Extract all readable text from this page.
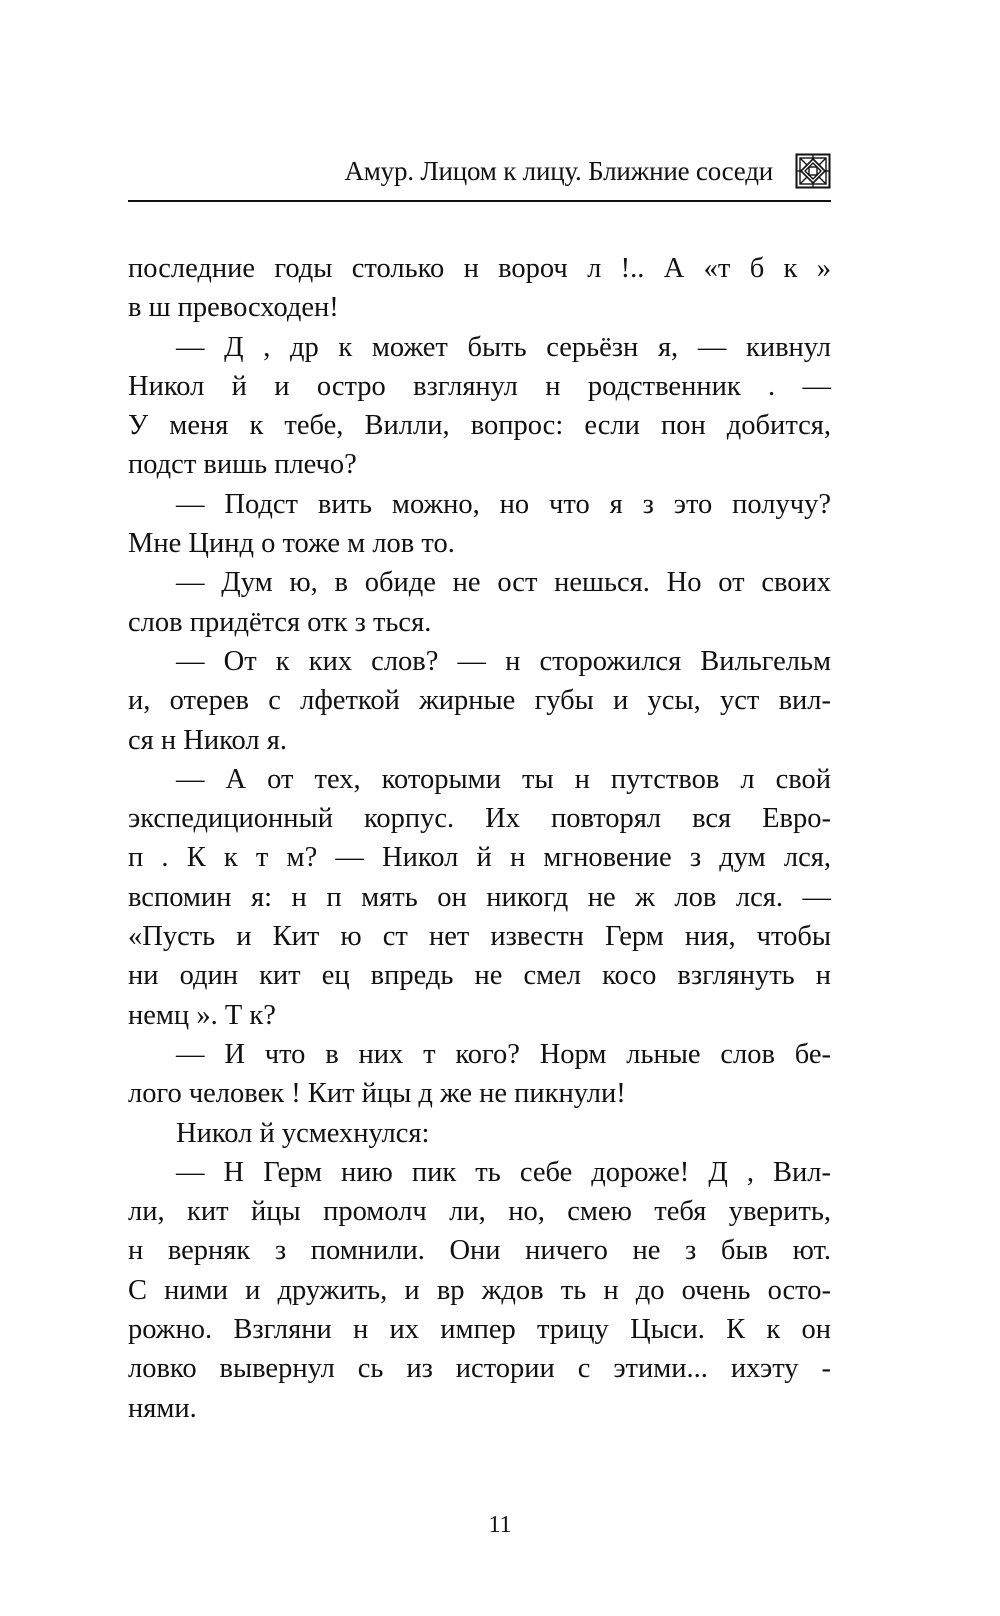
Амур. Лицом к лицу. Ближние соседи
последние годы столько н вороч л !.. А «т б к »
в ш превосходен!
— Д , др к может быть серьёзн я, — кивнул
Никол й и остро взглянул н родственник . —
У меня к тебе, Вилли, вопрос: если пон добится,
подст вишь плечо?
— Подст вить можно, но что я з это получу?
Мне Цинд о тоже м лов то.
— Дум ю, в обиде не ост нешься. Но от своих
слов придётся отк з ться.
— От к ких слов? — н сторожился Вильгельм
и, отерев с лфеткой жирные губы и усы, уст вил-
ся н Никол я.
— А от тех, которыми ты н путствов л свой
экспедиционный корпус. Их повторял вся Евро-
п . К к т м? — Никол й н мгновение з дум лся,
вспомин я: н п мять он никогд не ж лов лся. —
«Пусть и Кит ю ст нет известн Герм ния, чтобы
ни один кит ец впредь не смел косо взглянуть н
немц ». Т к?
— И что в них т кого? Норм льные слов бе-
лого человек ! Кит йцы д же не пикнули!
Никол й усмехнулся:
— Н Герм нию пик ть себе дороже! Д , Вил-
ли, кит йцы промолч ли, но, смею тебя уверить,
н верняк з помнили. Они ничего не з быв ют.
С ними и дружить, и вр ждов ть н до очень осто-
рожно. Взгляни н их импер трицу Цыси. К к он
ловко вывернул сь из истории с этими... ихэту -
нями.
11
